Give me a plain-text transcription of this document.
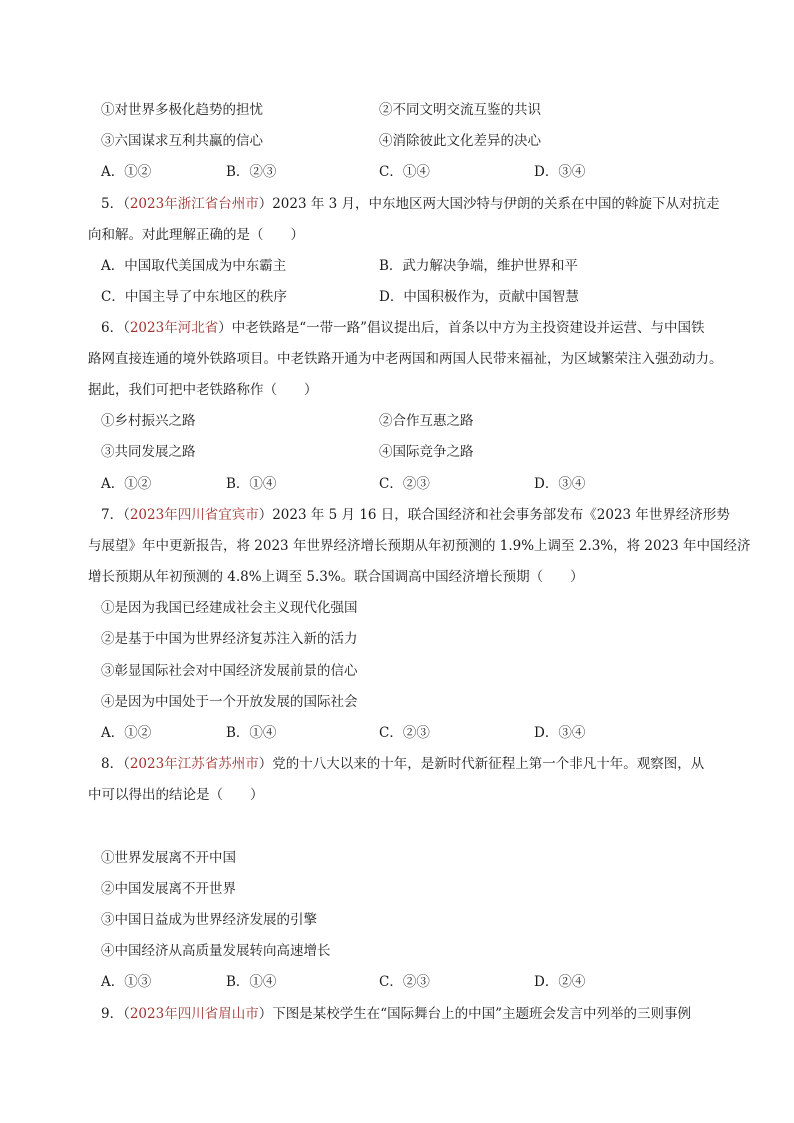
①对世界多极化趋势的担忧	②不同文明交流互鉴的共识
③六国谋求互利共赢的信心	④消除彼此文化差异的决心
A．①②	B．②③	C．①④	D．③④
5．（2023年浙江省台州市）2023 年 3 月，中东地区两大国沙特与伊朗的关系在中国的斡旋下从对抗走
向和解。对此理解正确的是（　　）
A．中国取代美国成为中东霸主	B．武力解决争端，维护世界和平
C．中国主导了中东地区的秩序	D．中国积极作为，贡献中国智慧
6．（2023年河北省）中老铁路是“一带一路”倡议提出后，首条以中方为主投资建设并运营、与中国铁
路网直接连通的境外铁路项目。中老铁路开通为中老两国和两国人民带来福祉，为区域繁荣注入强劲动力。
据此，我们可把中老铁路称作（　　）
①乡村振兴之路	②合作互惠之路
③共同发展之路	④国际竞争之路
A．①②	B．①④	C．②③	D．③④
7．（2023年四川省宜宾市）2023 年 5 月 16 日，联合国经济和社会事务部发布《2023 年世界经济形势
与展望》年中更新报告，将 2023 年世界经济增长预期从年初预测的 1.9%上调至 2.3%，将 2023 年中国经济
增长预期从年初预测的 4.8%上调至 5.3%。联合国调高中国经济增长预期（　　）
①是因为我国已经建成社会主义现代化强国
②是基于中国为世界经济复苏注入新的活力
③彰显国际社会对中国经济发展前景的信心
④是因为中国处于一个开放发展的国际社会
A．①②	B．①④	C．②③	D．③④
8．（2023年江苏省苏州市）党的十八大以来的十年，是新时代新征程上第一个非凡十年。观察图，从
中可以得出的结论是（　　）
①世界发展离不开中国
②中国发展离不开世界
③中国日益成为世界经济发展的引擎
④中国经济从高质量发展转向高速增长
A．①③	B．①④	C．②③	D．②④
9．（2023年四川省眉山市）下图是某校学生在“国际舞台上的中国”主题班会发言中列举的三则事例
